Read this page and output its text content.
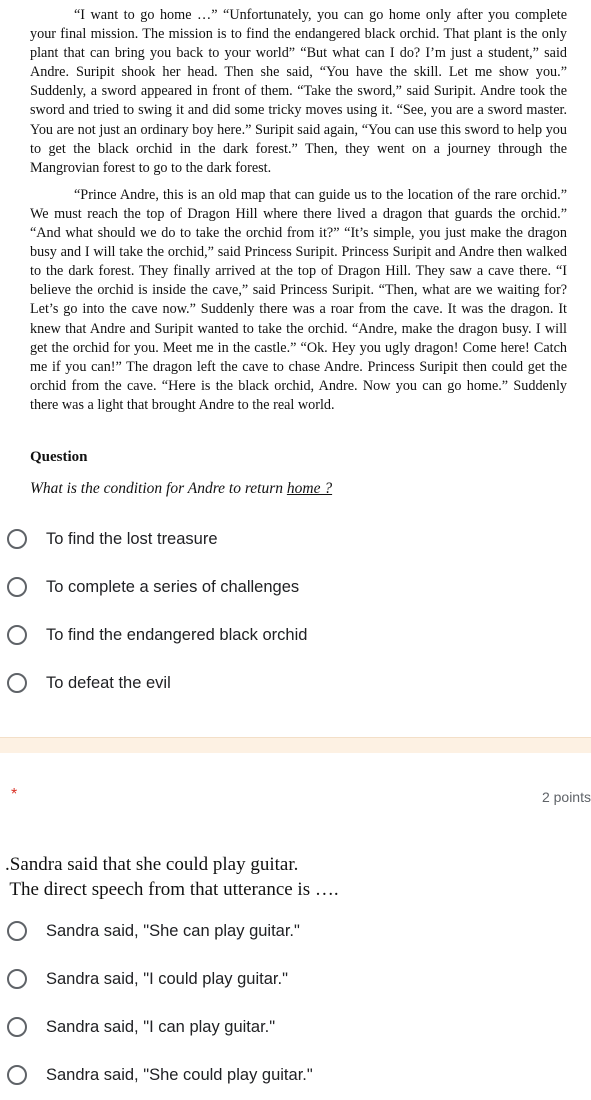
“I want to go home …” “Unfortunately, you can go home only after you complete your final mission. The mission is to find the endangered black orchid. That plant is the only plant that can bring you back to your world” “But what can I do? I’m just a student,” said Andre. Suripit shook her head. Then she said, “You have the skill. Let me show you.” Suddenly, a sword appeared in front of them. “Take the sword,” said Suripit. Andre took the sword and tried to swing it and did some tricky moves using it. “See, you are a sword master. You are not just an ordinary boy here.” Suripit said again, “You can use this sword to help you to get the black orchid in the dark forest.” Then, they went on a journey through the Mangrovian forest to go to the dark forest.

“Prince Andre, this is an old map that can guide us to the location of the rare orchid.” We must reach the top of Dragon Hill where there lived a dragon that guards the orchid.” “And what should we do to take the orchid from it?” “It’s simple, you just make the dragon busy and I will take the orchid,” said Princess Suripit. Princess Suripit and Andre then walked to the dark forest. They finally arrived at the top of Dragon Hill. They saw a cave there. “I believe the orchid is inside the cave,” said Princess Suripit. “Then, what are we waiting for? Let’s go into the cave now.” Suddenly there was a roar from the cave. It was the dragon. It knew that Andre and Suripit wanted to take the orchid. “Andre, make the dragon busy. I will get the orchid for you. Meet me in the castle.” “Ok. Hey you ugly dragon! Come here! Catch me if you can!” The dragon left the cave to chase Andre. Princess Suripit then could get the orchid from the cave. “Here is the black orchid, Andre. Now you can go home.” Suddenly there was a light that brought Andre to the real world.

Question
What is the condition for Andre to return home ?
To find the lost treasure
To complete a series of challenges
To find the endangered black orchid
To defeat the evil
*	2 points
.Sandra said that she could play guitar.
The direct speech from that utterance is ….
Sandra said, "She can play guitar."
Sandra said, "I could play guitar."
Sandra said, "I can play guitar."
Sandra said, "She could play guitar."
